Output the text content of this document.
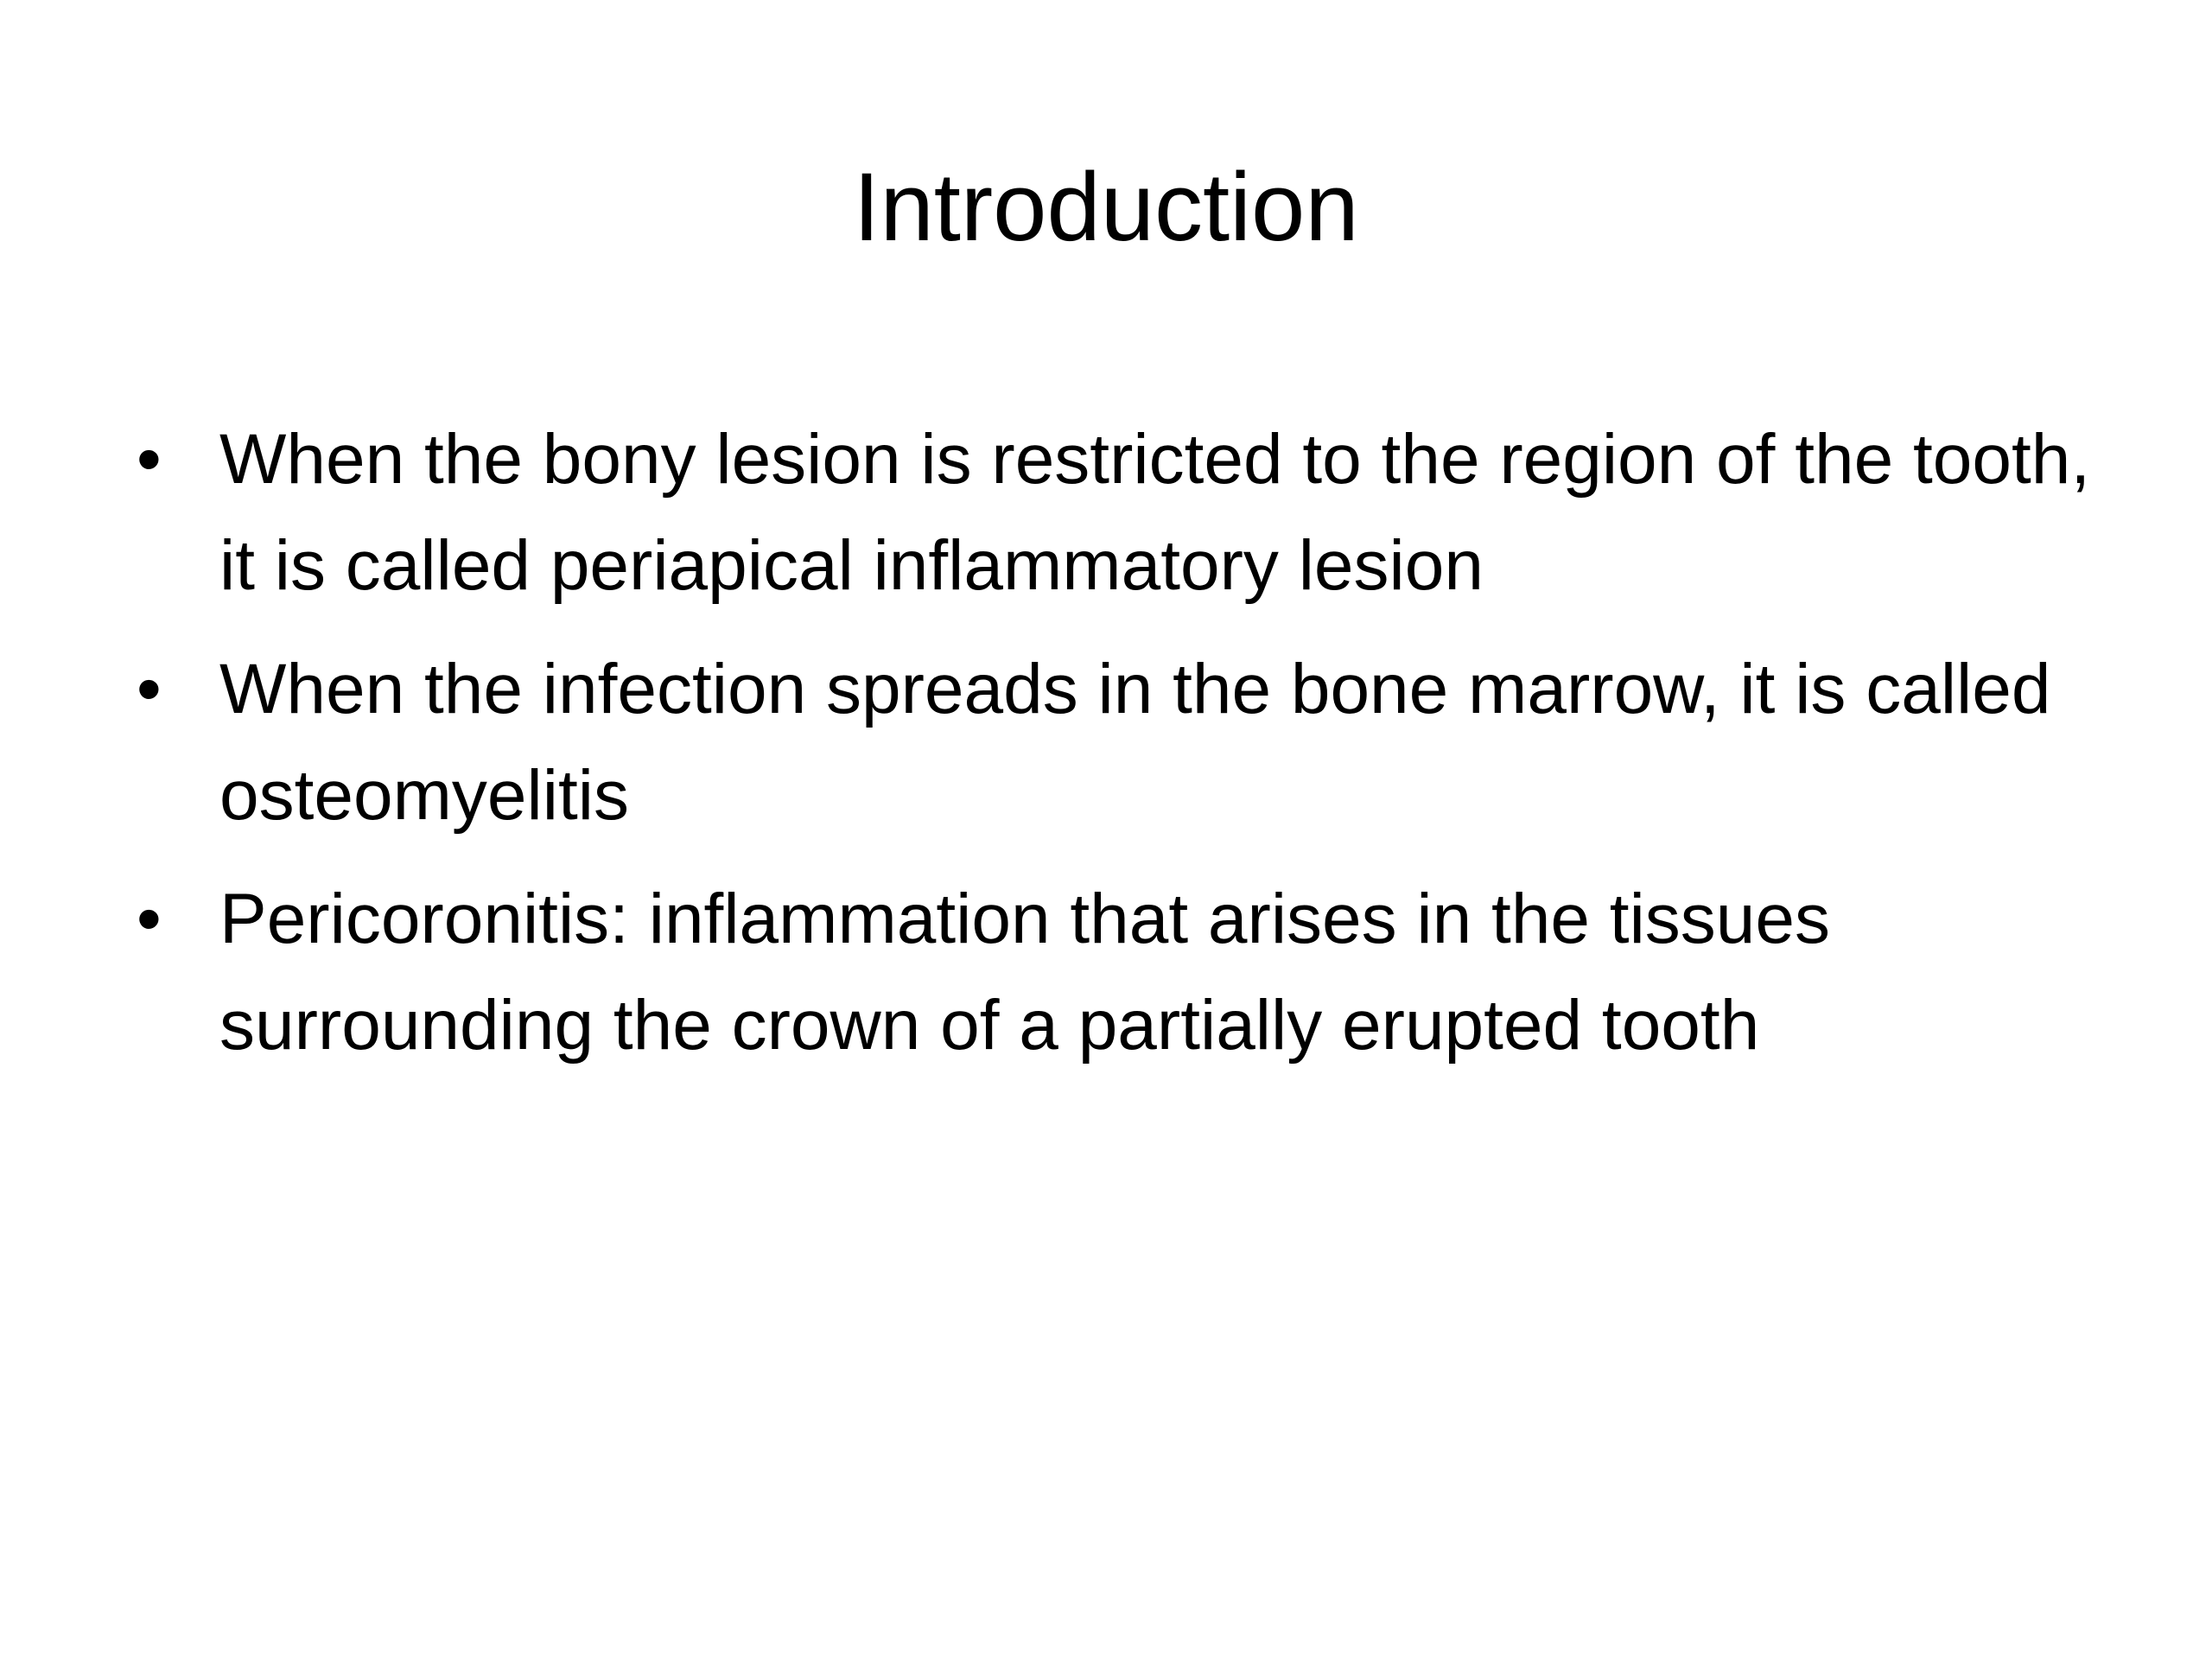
Introduction
• When the bony lesion is restricted to the region of the tooth, it is called periapical inflammatory lesion
• When the infection spreads in the bone marrow, it is called osteomyelitis
• Pericoronitis: inflammation that arises in the tissues surrounding the crown of a partially erupted tooth
